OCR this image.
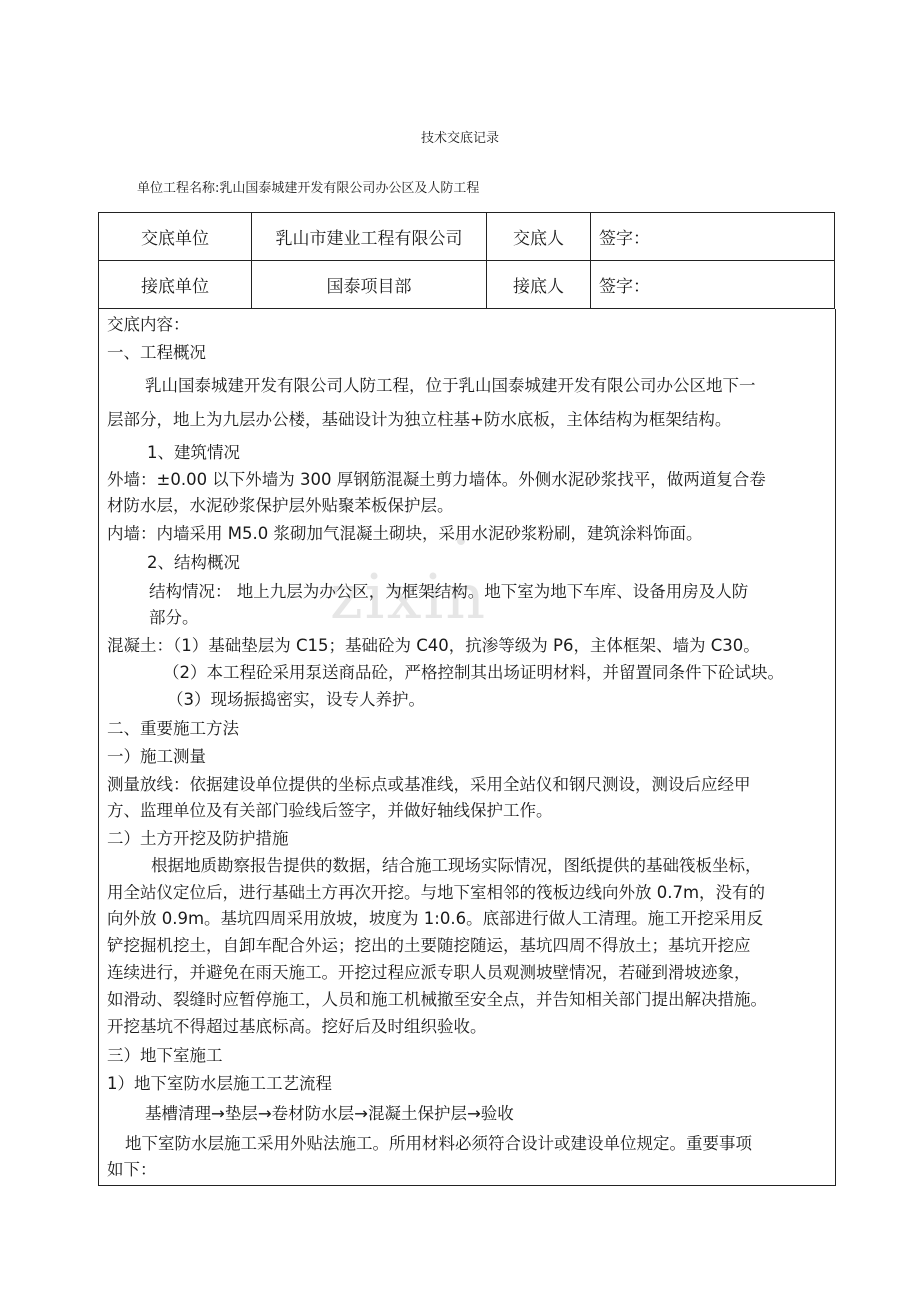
zixin
技术交底记录
单位工程名称:乳山国泰城建开发有限公司办公区及人防工程
交底单位	乳山市建业工程有限公司	交底人	签字：
接底单位	国泰项目部	接底人	签字：
交底内容：
一、工程概况
乳山国泰城建开发有限公司人防工程，位于乳山国泰城建开发有限公司办公区地下一
层部分，地上为九层办公楼，基础设计为独立柱基+防水底板，主体结构为框架结构。
1、建筑情况
外墙：±0.00 以下外墙为 300 厚钢筋混凝土剪力墙体。外侧水泥砂浆找平，做两道复合卷
材防水层，水泥砂浆保护层外贴聚苯板保护层。
内墙：内墙采用 M5.0 浆砌加气混凝土砌块，采用水泥砂浆粉刷，建筑涂料饰面。
2、结构概况
结构情况： 地上九层为办公区，为框架结构。地下室为地下车库、设备用房及人防
部分。
混凝土：（1）基础垫层为 C15；基础砼为 C40，抗渗等级为 P6，主体框架、墙为 C30。
（2）本工程砼采用泵送商品砼，严格控制其出场证明材料，并留置同条件下砼试块。
（3）现场振捣密实，设专人养护。
二、重要施工方法
一）施工测量
测量放线：依据建设单位提供的坐标点或基准线，采用全站仪和钢尺测设，测设后应经甲
方、监理单位及有关部门验线后签字，并做好轴线保护工作。
二）土方开挖及防护措施
根据地质勘察报告提供的数据，结合施工现场实际情况，图纸提供的基础筏板坐标，
用全站仪定位后，进行基础土方再次开挖。与地下室相邻的筏板边线向外放 0.7m，没有的
向外放 0.9m。基坑四周采用放坡，坡度为 1:0.6。底部进行做人工清理。施工开挖采用反
铲挖掘机挖土，自卸车配合外运；挖出的土要随挖随运，基坑四周不得放土；基坑开挖应
连续进行，并避免在雨天施工。开挖过程应派专职人员观测坡壁情况，若碰到滑坡迹象，
如滑动、裂缝时应暂停施工，人员和施工机械撤至安全点，并告知相关部门提出解决措施。
开挖基坑不得超过基底标高。挖好后及时组织验收。
三）地下室施工
1）地下室防水层施工工艺流程
基槽清理→垫层→卷材防水层→混凝土保护层→验收
地下室防水层施工采用外贴法施工。所用材料必须符合设计或建设单位规定。重要事项
如下：
